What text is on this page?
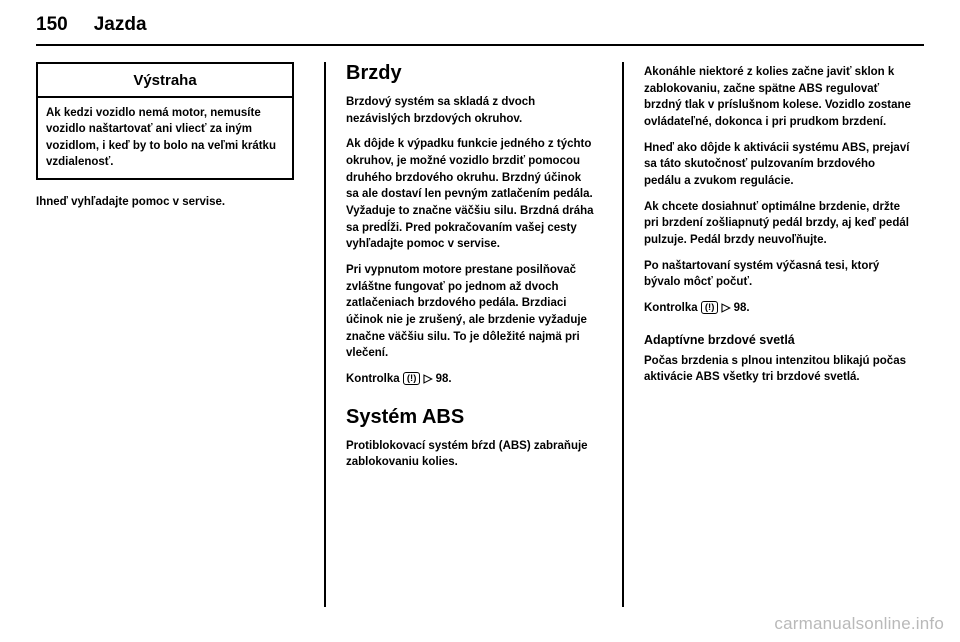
150 Jazda
Výstraha
Ak kedzi vozidlo nemá motor, nemusíte vozidlo naštartovať ani vliecť za iným vozidlom, i keď by to bolo na veľmi krátku vzdialenosť.
Ihneď vyhľadajte pomoc v servise.
Brzdy

Brzdový systém sa skladá z dvoch nezávislých brzdových okruhov.

Ak dôjde k výpadku funkcie jedného z týchto okruhov, je možné vozidlo brzdiť pomocou druhého brzdového okruhu. Brzdný účinok sa ale dostaví len pevným zatlačením pedála. Vyžaduje to značne väčšiu silu. Brzdná dráha sa predĺži. Pred pokračovaním vašej cesty vyhľadajte pomoc v servise.

Pri vypnutom motore prestane posilňovač zvláštne fungovať po jednom až dvoch zatlačeniach brzdového pedála. Brzdiaci účinok nie je zrušený, ale brzdenie vyžaduje značne väčšiu silu. To je dôležité najmä pri vlečení.

Kontrolka (!) ▷ 98.
Systém ABS

Protiblokovací systém bŕzd (ABS) zabraňuje zablokovaniu kolies.

Akonáhle niektoré z kolies začne javiť sklon k zablokovaniu, začne spätne ABS regulovať brzdný tlak v príslušnom kolese. Vozidlo zostane ovládateľné, dokonca i pri prudkom brzdení.

Hneď ako dôjde k aktivácii systému ABS, prejaví sa táto skutočnosť pulzovaním brzdového pedálu a zvukom regulácie.

Ak chcete dosiahnuť optimálne brzdenie, držte pri brzdení zošliapnutý pedál brzdy, aj keď pedál pulzuje. Pedál brzdy neuvoľňujte.

Po naštartovaní systém výčasná tesi, ktorý bývalo môcť počuť.

Kontrolka (!) ▷ 98.
Adaptívne brzdové svetlá

Počas brzdenia s plnou intenzitou blikajú počas aktivácie ABS všetky tri brzdové svetlá.

carmanualsonline.info
